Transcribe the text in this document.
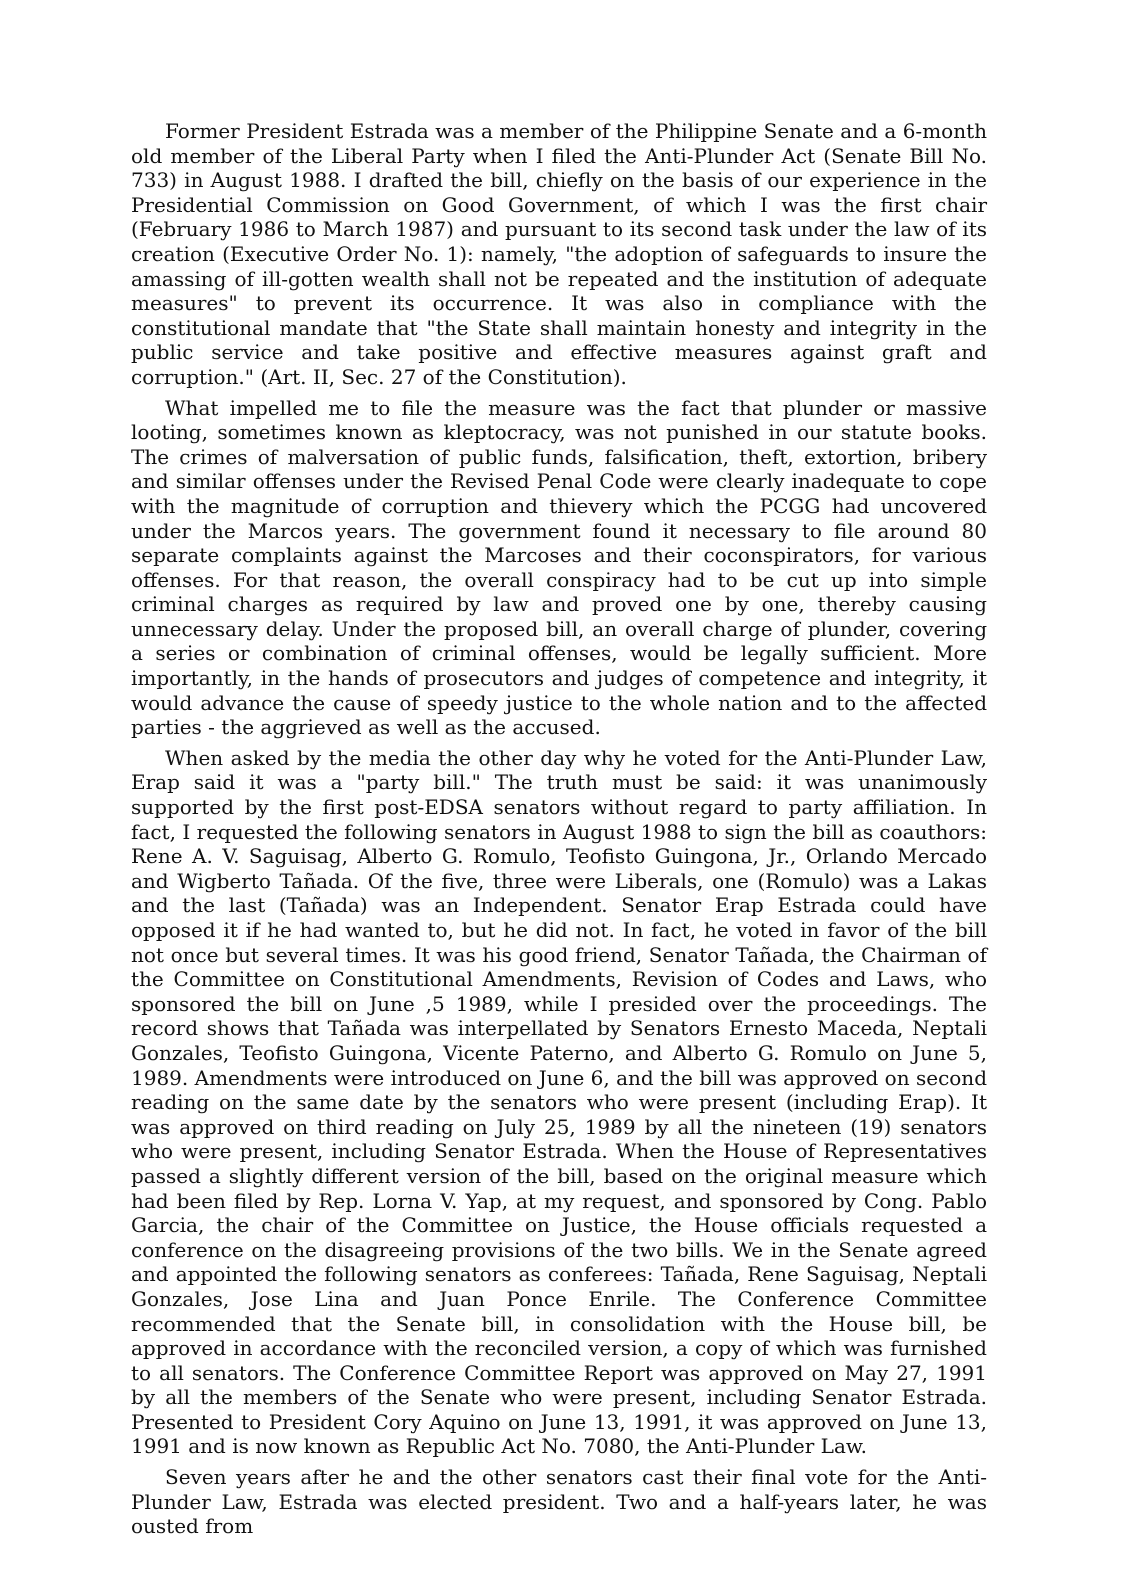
Former President Estrada was a member of the Philippine Senate and a 6-month old member of the Liberal Party when I filed the Anti-Plunder Act (Senate Bill No. 733) in August 1988. I drafted the bill, chiefly on the basis of our experience in the Presidential Commission on Good Government, of which I was the first chair (February 1986 to March 1987) and pursuant to its second task under the law of its creation (Executive Order No. 1): namely, "the adoption of safeguards to insure the amassing of ill-gotten wealth shall not be repeated and the institution of adequate measures" to prevent its occurrence. It was also in compliance with the constitutional mandate that "the State shall maintain honesty and integrity in the public service and take positive and effective measures against graft and corruption." (Art. II, Sec. 27 of the Constitution).

What impelled me to file the measure was the fact that plunder or massive looting, sometimes known as kleptocracy, was not punished in our statute books. The crimes of malversation of public funds, falsification, theft, extortion, bribery and similar offenses under the Revised Penal Code were clearly inadequate to cope with the magnitude of corruption and thievery which the PCGG had uncovered under the Marcos years. The government found it necessary to file around 80 separate complaints against the Marcoses and their coconspirators, for various offenses. For that reason, the overall conspiracy had to be cut up into simple criminal charges as required by law and proved one by one, thereby causing unnecessary delay. Under the proposed bill, an overall charge of plunder, covering a series or combination of criminal offenses, would be legally sufficient. More importantly, in the hands of prosecutors and judges of competence and integrity, it would advance the cause of speedy justice to the whole nation and to the affected parties - the aggrieved as well as the accused.

When asked by the media the other day why he voted for the Anti-Plunder Law, Erap said it was a "party bill." The truth must be said: it was unanimously supported by the first post-EDSA senators without regard to party affiliation. In fact, I requested the following senators in August 1988 to sign the bill as coauthors: Rene A. V. Saguisag, Alberto G. Romulo, Teofisto Guingona, Jr., Orlando Mercado and Wigberto Tañada. Of the five, three were Liberals, one (Romulo) was a Lakas and the last (Tañada) was an Independent. Senator Erap Estrada could have opposed it if he had wanted to, but he did not. In fact, he voted in favor of the bill not once but several times. It was his good friend, Senator Tañada, the Chairman of the Committee on Constitutional Amendments, Revision of Codes and Laws, who sponsored the bill on June ,5 1989, while I presided over the proceedings. The record shows that Tañada was interpellated by Senators Ernesto Maceda, Neptali Gonzales, Teofisto Guingona, Vicente Paterno, and Alberto G. Romulo on June 5, 1989. Amendments were introduced on June 6, and the bill was approved on second reading on the same date by the senators who were present (including Erap). It was approved on third reading on July 25, 1989 by all the nineteen (19) senators who were present, including Senator Estrada. When the House of Representatives passed a slightly different version of the bill, based on the original measure which had been filed by Rep. Lorna V. Yap, at my request, and sponsored by Cong. Pablo Garcia, the chair of the Committee on Justice, the House officials requested a conference on the disagreeing provisions of the two bills. We in the Senate agreed and appointed the following senators as conferees: Tañada, Rene Saguisag, Neptali Gonzales, Jose Lina and Juan Ponce Enrile. The Conference Committee recommended that the Senate bill, in consolidation with the House bill, be approved in accordance with the reconciled version, a copy of which was furnished to all senators. The Conference Committee Report was approved on May 27, 1991 by all the members of the Senate who were present, including Senator Estrada. Presented to President Cory Aquino on June 13, 1991, it was approved on June 13, 1991 and is now known as Republic Act No. 7080, the Anti-Plunder Law.

Seven years after he and the other senators cast their final vote for the Anti-Plunder Law, Estrada was elected president. Two and a half-years later, he was ousted from
